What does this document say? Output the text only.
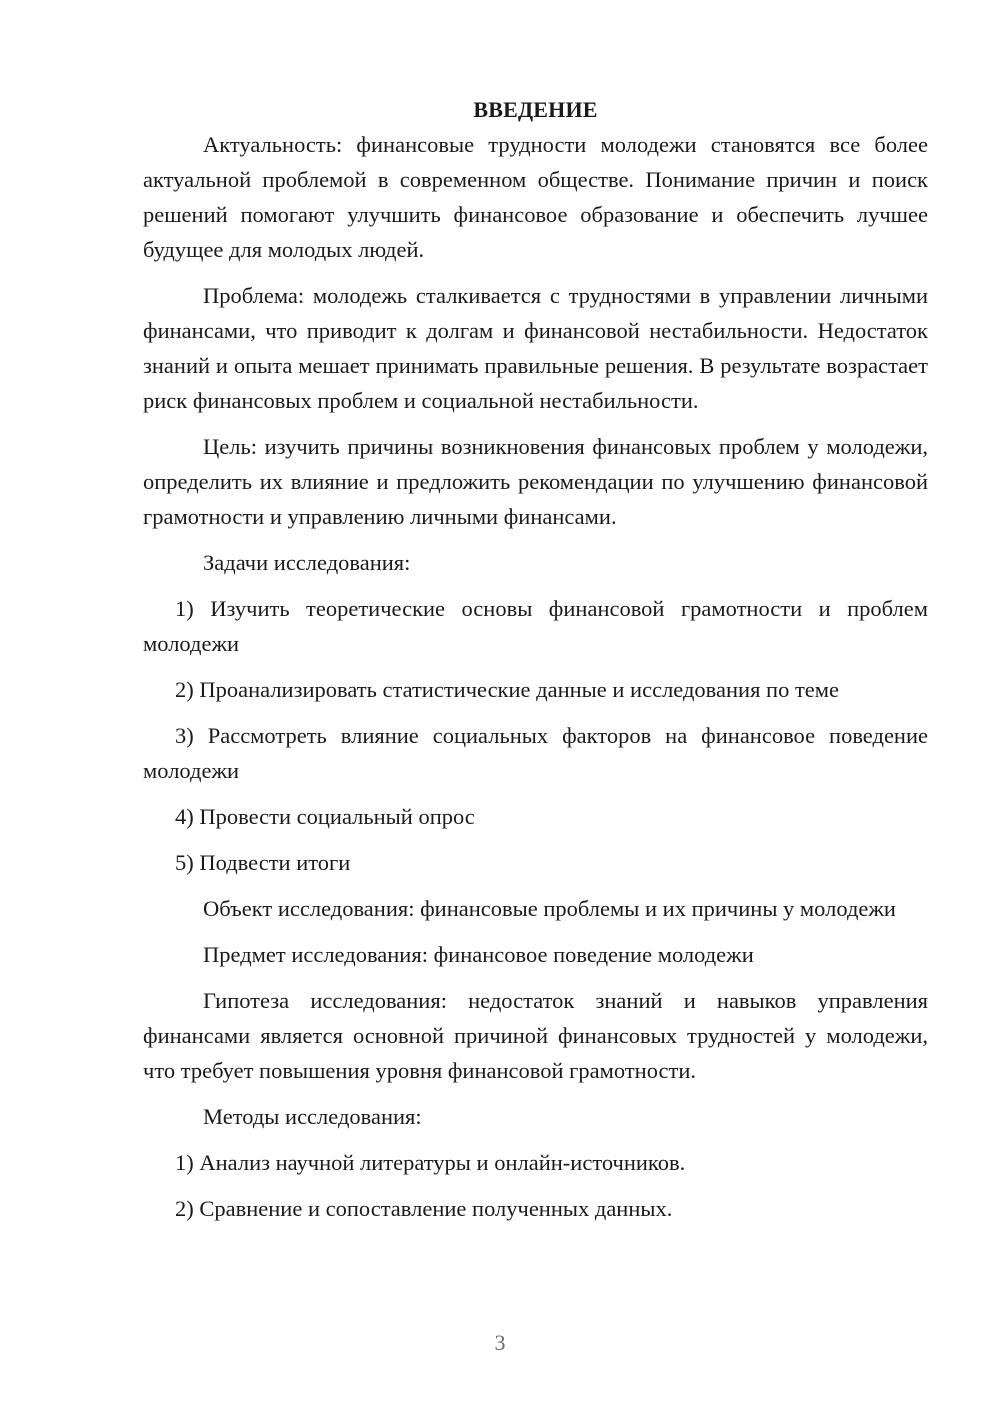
ВВЕДЕНИЕ

Актуальность: финансовые трудности молодежи становятся все более актуальной проблемой в современном обществе. Понимание причин и поиск решений помогают улучшить финансовое образование и обеспечить лучшее будущее для молодых людей.

Проблема: молодежь сталкивается с трудностями в управлении личными финансами, что приводит к долгам и финансовой нестабильности. Недостаток знаний и опыта мешает принимать правильные решения. В результате возрастает риск финансовых проблем и социальной нестабильности.

Цель: изучить причины возникновения финансовых проблем у молодежи, определить их влияние и предложить рекомендации по улучшению финансовой грамотности и управлению личными финансами.

Задачи исследования:

1) Изучить теоретические основы финансовой грамотности и проблем молодежи

2) Проанализировать статистические данные и исследования по теме

3) Рассмотреть влияние социальных факторов на финансовое поведение молодежи

4) Провести социальный опрос

5) Подвести итоги

Объект исследования: финансовые проблемы и их причины у молодежи

Предмет исследования: финансовое поведение молодежи

Гипотеза исследования: недостаток знаний и навыков управления финансами является основной причиной финансовых трудностей у молодежи, что требует повышения уровня финансовой грамотности.

Методы исследования:

1) Анализ научной литературы и онлайн-источников.

2) Сравнение и сопоставление полученных данных.

3
